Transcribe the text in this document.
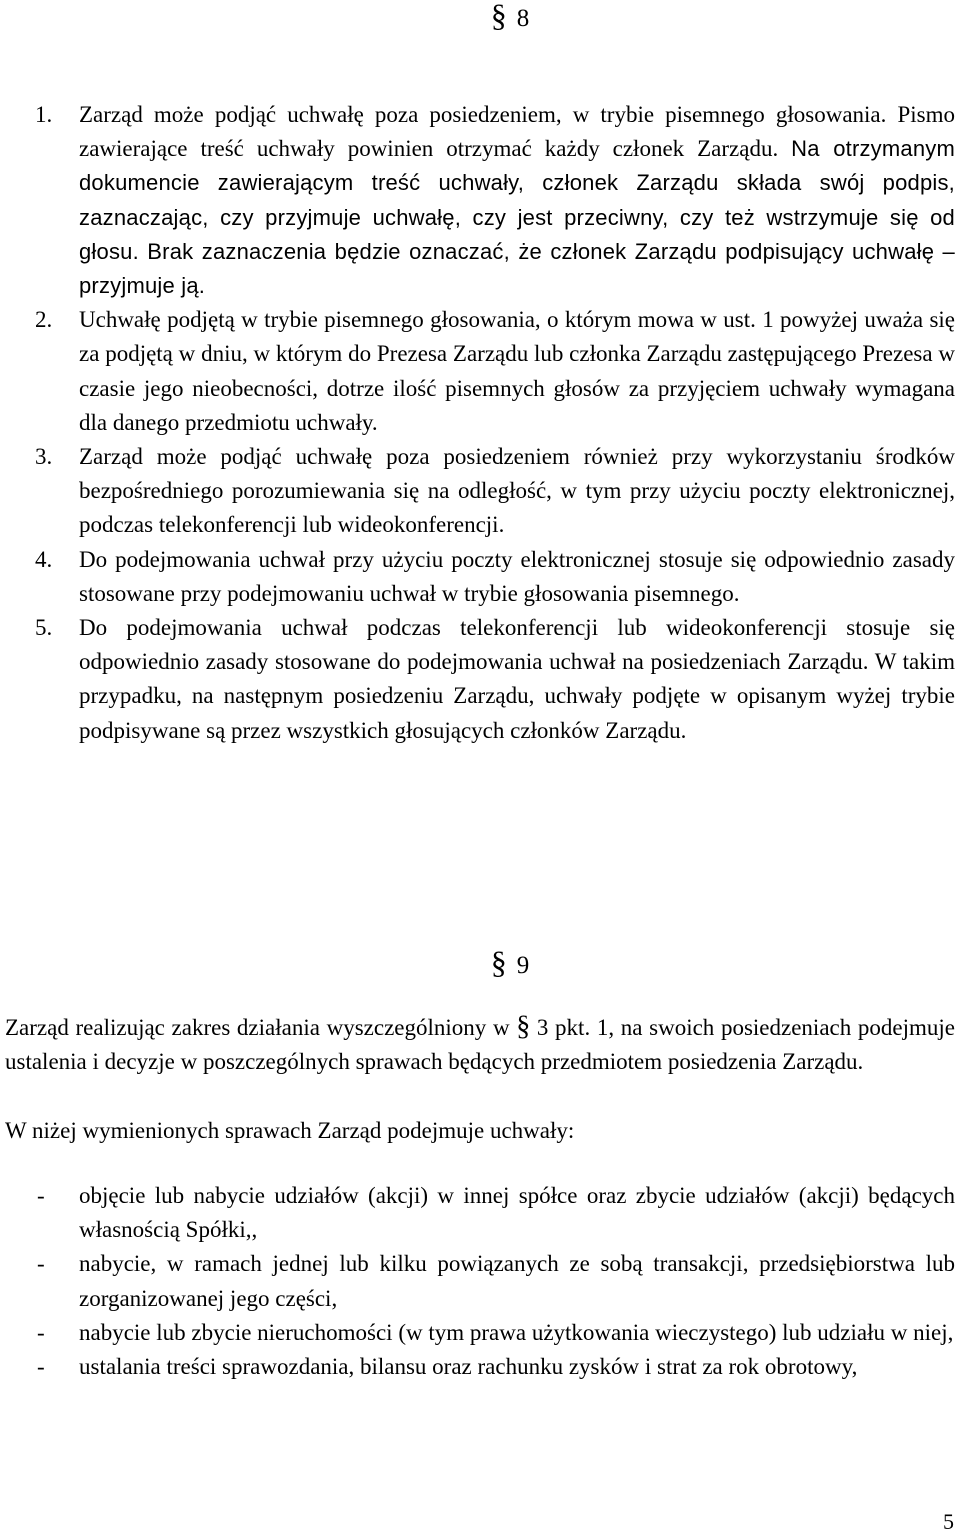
§ 8
1. Zarząd może podjąć uchwałę poza posiedzeniem, w trybie pisemnego głosowania. Pismo zawierające treść uchwały powinien otrzymać każdy członek Zarządu. Na otrzymanym dokumencie zawierającym treść uchwały, członek Zarządu składa swój podpis, zaznaczając, czy przyjmuje uchwałę, czy jest przeciwny, czy też wstrzymuje się od głosu. Brak zaznaczenia będzie oznaczać, że członek Zarządu podpisujący uchwałę – przyjmuje ją.

2. Uchwałę podjętą w trybie pisemnego głosowania, o którym mowa w ust. 1 powyżej uważa się za podjętą w dniu, w którym do Prezesa Zarządu lub członka Zarządu zastępującego Prezesa w czasie jego nieobecności, dotrze ilość pisemnych głosów za przyjęciem uchwały wymagana dla danego przedmiotu uchwały.

3. Zarząd może podjąć uchwałę poza posiedzeniem również przy wykorzystaniu środków bezpośredniego porozumiewania się na odległość, w tym przy użyciu poczty elektronicznej, podczas telekonferencji lub wideokonferencji.

4. Do podejmowania uchwał przy użyciu poczty elektronicznej stosuje się odpowiednio zasady stosowane przy podejmowaniu uchwał w trybie głosowania pisemnego.

5. Do podejmowania uchwał podczas telekonferencji lub wideokonferencji stosuje się odpowiednio zasady stosowane do podejmowania uchwał na posiedzeniach Zarządu. W takim przypadku, na następnym posiedzeniu Zarządu, uchwały podjęte w opisanym wyżej trybie podpisywane są przez wszystkich głosujących członków Zarządu.

§ 9

Zarząd realizując zakres działania wyszczególniony w § 3 pkt. 1, na swoich posiedzeniach podejmuje ustalenia i decyzje w poszczególnych sprawach będących przedmiotem posiedzenia Zarządu.

W niżej wymienionych sprawach Zarząd podejmuje uchwały:

- objęcie lub nabycie udziałów (akcji) w innej spółce oraz zbycie udziałów (akcji) będących własnością Spółki,,
- nabycie, w ramach jednej lub kilku powiązanych ze sobą transakcji, przedsiębiorstwa lub zorganizowanej jego części,
- nabycie lub zbycie nieruchomości (w tym prawa użytkowania wieczystego) lub udziału w niej,
- ustalania treści sprawozdania, bilansu oraz rachunku zysków i strat za rok obrotowy,
5
